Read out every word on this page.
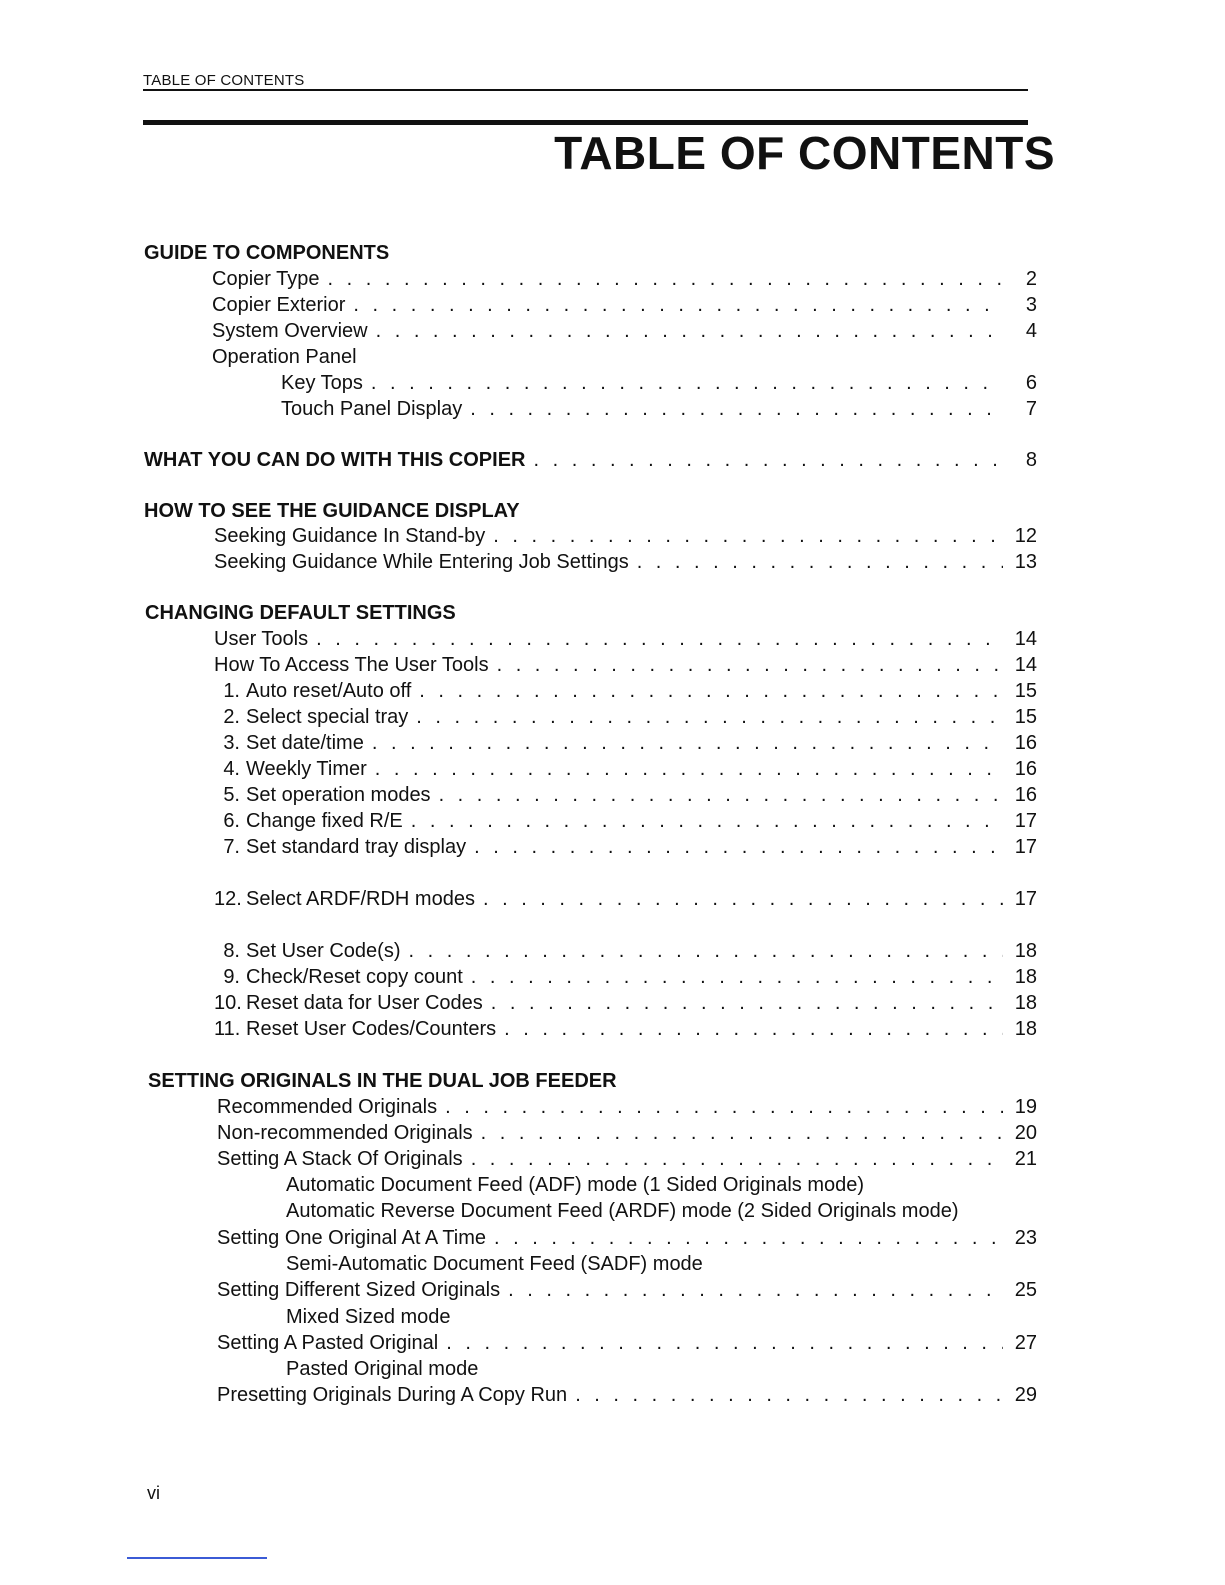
TABLE OF CONTENTS
TABLE OF CONTENTS
GUIDE TO COMPONENTS
Copier Type . . .	2
Copier Exterior . . .	3
System Overview . . .	4
Operation Panel
Key Tops . . .	6
Touch Panel Display . . .	7
WHAT YOU CAN DO WITH THIS COPIER . . .	8
HOW TO SEE THE GUIDANCE DISPLAY
Seeking Guidance In Stand-by . . .	12
Seeking Guidance While Entering Job Settings . . .	13
CHANGING DEFAULT SETTINGS
User Tools . . .	14
How To Access The User Tools . . .	14
1. Auto reset/Auto off . . .	15
2. Select special tray . . .	15
3. Set date/time . . .	16
4. Weekly Timer . . .	16
5. Set operation modes . . .	16
6. Change fixed R/E . . .	17
7. Set standard tray display . . .	17
12. Select ARDF/RDH modes . . .	17
8. Set User Code(s) . . .	18
9. Check/Reset copy count . . .	18
10. Reset data for User Codes . . .	18
11. Reset User Codes/Counters . . .	18
SETTING ORIGINALS IN THE DUAL JOB FEEDER
Recommended Originals . . .	19
Non-recommended Originals . . .	20
Setting A Stack Of Originals . . .	21
Automatic Document Feed (ADF) mode (1 Sided Originals mode)
Automatic Reverse Document Feed (ARDF) mode (2 Sided Originals mode)
Setting One Original At A Time . . .	23
Semi-Automatic Document Feed (SADF) mode
Setting Different Sized Originals . . .	25
Mixed Sized mode
Setting A Pasted Original . . .	27
Pasted Original mode
Presetting Originals During A Copy Run . . .	29
vi
